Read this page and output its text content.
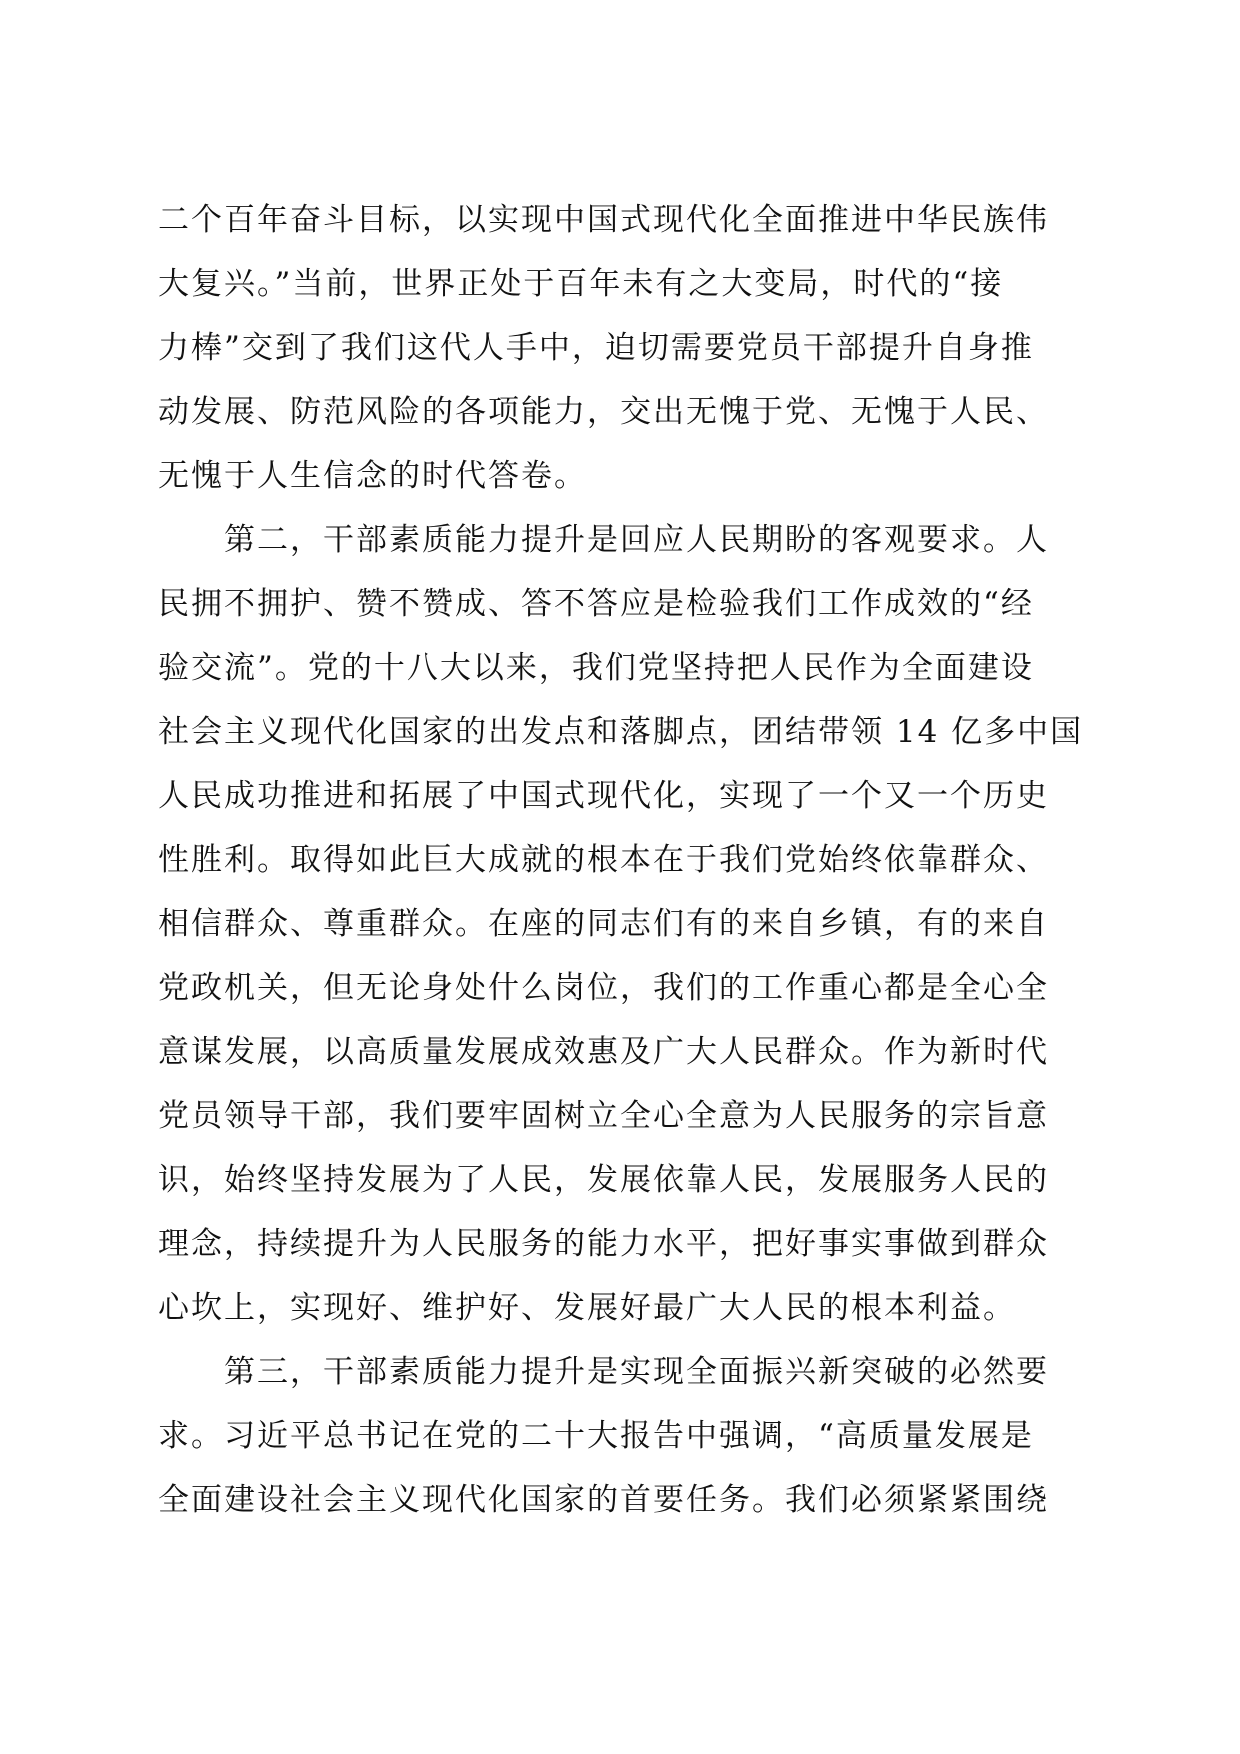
二个百年奋斗目标，以实现中国式现代化全面推进中华民族伟
大复兴。”当前，世界正处于百年未有之大变局，时代的“接
力棒”交到了我们这代人手中，迫切需要党员干部提升自身推
动发展、防范风险的各项能力，交出无愧于党、无愧于人民、
无愧于人生信念的时代答卷。
第二，干部素质能力提升是回应人民期盼的客观要求。人
民拥不拥护、赞不赞成、答不答应是检验我们工作成效的“经
验交流”。党的十八大以来，我们党坚持把人民作为全面建设
社会主义现代化国家的出发点和落脚点，团结带领 14 亿多中国
人民成功推进和拓展了中国式现代化，实现了一个又一个历史
性胜利。取得如此巨大成就的根本在于我们党始终依靠群众、
相信群众、尊重群众。在座的同志们有的来自乡镇，有的来自
党政机关，但无论身处什么岗位，我们的工作重心都是全心全
意谋发展，以高质量发展成效惠及广大人民群众。作为新时代
党员领导干部，我们要牢固树立全心全意为人民服务的宗旨意
识，始终坚持发展为了人民，发展依靠人民，发展服务人民的
理念，持续提升为人民服务的能力水平，把好事实事做到群众
心坎上，实现好、维护好、发展好最广大人民的根本利益。
第三，干部素质能力提升是实现全面振兴新突破的必然要
求。习近平总书记在党的二十大报告中强调，“高质量发展是
全面建设社会主义现代化国家的首要任务。我们必须紧紧围绕
